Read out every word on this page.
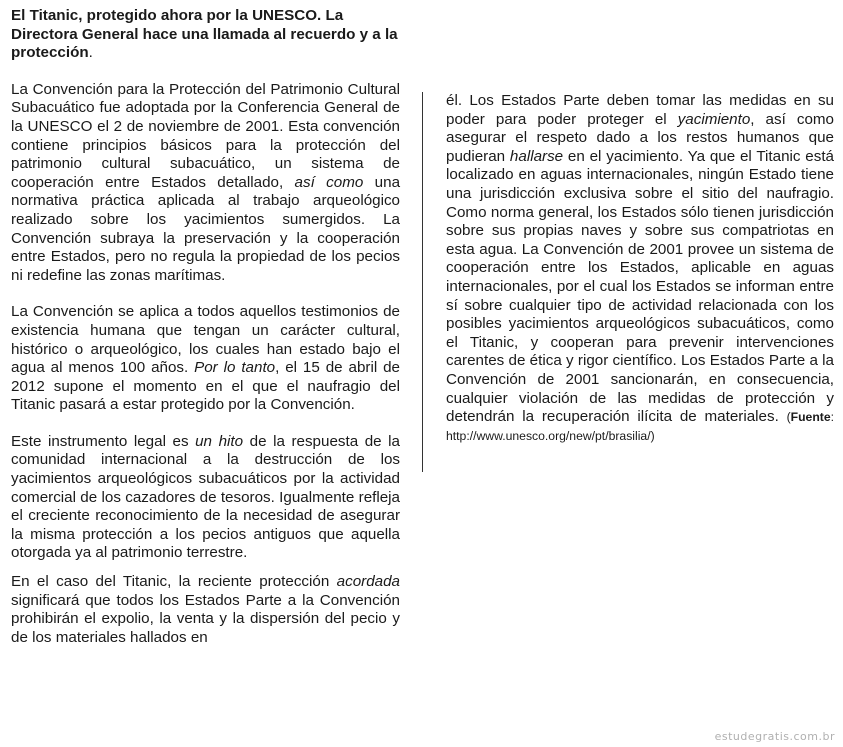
El Titanic, protegido ahora por la UNESCO. La Directora General hace una llamada al recuerdo y a la protección.

La Convención para la Protección del Patrimonio Cultural Subacuático fue adoptada por la Conferencia General de la UNESCO el 2 de noviembre de 2001. Esta convención contiene principios básicos para la protección del patrimonio cultural subacuático, un sistema de cooperación entre Estados detallado, así como una normativa práctica aplicada al trabajo arqueológico realizado sobre los yacimientos sumergidos. La Convención subraya la preservación y la cooperación entre Estados, pero no regula la propiedad de los pecios ni redefine las zonas marítimas.

La Convención se aplica a todos aquellos testimonios de existencia humana que tengan un carácter cultural, histórico o arqueológico, los cuales han estado bajo el agua al menos 100 años. Por lo tanto, el 15 de abril de 2012 supone el momento en el que el naufragio del Titanic pasará a estar protegido por la Convención.

Este instrumento legal es un hito de la respuesta de la comunidad internacional a la destrucción de los yacimientos arqueológicos subacuáticos por la actividad comercial de los cazadores de tesoros. Igualmente refleja el creciente reconocimiento de la necesidad de asegurar la misma protección a los pecios antiguos que aquella otorgada ya al patrimonio terrestre.

En el caso del Titanic, la reciente protección acordada significará que todos los Estados Parte a la Convención prohibirán el expolio, la venta y la dispersión del pecio y de los materiales hallados en

él. Los Estados Parte deben tomar las medidas en su poder para poder proteger el yacimiento, así como asegurar el respeto dado a los restos humanos que pudieran hallarse en el yacimiento. Ya que el Titanic está localizado en aguas internacionales, ningún Estado tiene una jurisdicción exclusiva sobre el sitio del naufragio. Como norma general, los Estados sólo tienen jurisdicción sobre sus propias naves y sobre sus compatriotas en esta agua. La Convención de 2001 provee un sistema de cooperación entre los Estados, aplicable en aguas internacionales, por el cual los Estados se informan entre sí sobre cualquier tipo de actividad relacionada con los posibles yacimientos arqueológicos subacuáticos, como el Titanic, y cooperan para prevenir intervenciones carentes de ética y rigor científico. Los Estados Parte a la Convención de 2001 sancionarán, en consecuencia, cualquier violación de las medidas de protección y detendrán la recuperación ilícita de materiales. (Fuente: http://www.unesco.org/new/pt/brasilia/)

estudegratis.com.br
